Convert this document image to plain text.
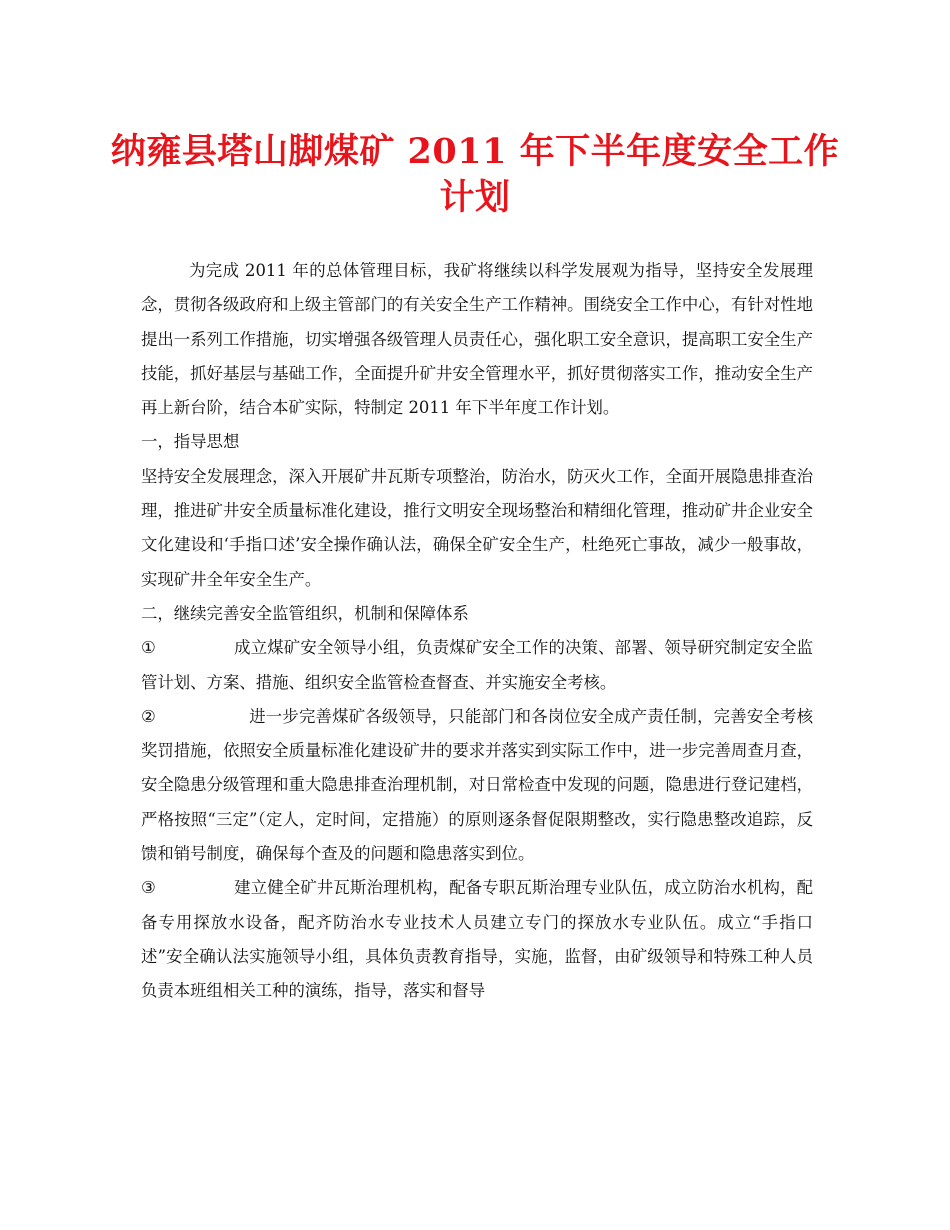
纳雍县塔山脚煤矿 2011 年下半年度安全工作
计划

为完成 2011 年的总体管理目标，我矿将继续以科学发展观为指导，坚持安全发展理念，贯彻各级政府和上级主管部门的有关安全生产工作精神。围绕安全工作中心，有针对性地提出一系列工作措施，切实增强各级管理人员责任心，强化职工安全意识，提高职工安全生产技能，抓好基层与基础工作，全面提升矿井安全管理水平，抓好贯彻落实工作，推动安全生产再上新台阶，结合本矿实际，特制定 2011 年下半年度工作计划。

一，指导思想

坚持安全发展理念，深入开展矿井瓦斯专项整治，防治水，防灭火工作，全面开展隐患排查治理，推进矿井安全质量标准化建设，推行文明安全现场整治和精细化管理，推动矿井企业安全文化建设和‘手指口述’安全操作确认法，确保全矿安全生产，杜绝死亡事故，减少一般事故，实现矿井全年安全生产。

二，继续完善安全监管组织，机制和保障体系

①	成立煤矿安全领导小组，负责煤矿安全工作的决策、部署、领导研究制定安全监管计划、方案、措施、组织安全监管检查督查、并实施安全考核。

②	进一步完善煤矿各级领导，只能部门和各岗位安全成产责任制，完善安全考核奖罚措施，依照安全质量标准化建设矿井的要求并落实到实际工作中，进一步完善周查月查，安全隐患分级管理和重大隐患排查治理机制，对日常检查中发现的问题，隐患进行登记建档，严格按照“三定”（定人，定时间，定措施）的原则逐条督促限期整改，实行隐患整改追踪，反馈和销号制度，确保每个查及的问题和隐患落实到位。

③	建立健全矿井瓦斯治理机构，配备专职瓦斯治理专业队伍，成立防治水机构，配备专用探放水设备，配齐防治水专业技术人员建立专门的探放水专业队伍。成立“手指口述”安全确认法实施领导小组，具体负责教育指导，实施，监督，由矿级领导和特殊工种人员负责本班组相关工种的演练，指导，落实和督导
